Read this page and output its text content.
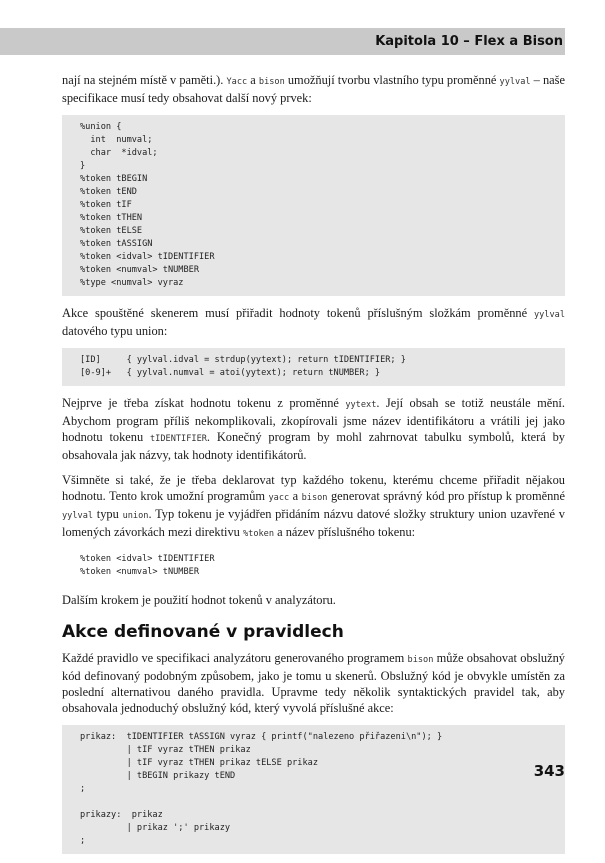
Kapitola 10 – Flex a Bison

nají na stejném místě v paměti.). Yacc a bison umožňují tvorbu vlastního typu proměnné yylval – naše specifikace musí tedy obsahovat další nový prvek:

%union {
int  numval;
char  *idval;
}
%token tBEGIN
%token tEND
%token tIF
%token tTHEN
%token tELSE
%token tASSIGN
%token <idval> tIDENTIFIER
%token <numval> tNUMBER
%type <numval> vyraz

Akce spouštěné skenerem musí přiřadit hodnoty tokenů příslušným složkám proměnné yylval datového typu union:

[ID]     { yylval.idval = strdup(yytext); return tIDENTIFIER; }
[0-9]+   { yylval.numval = atoi(yytext); return tNUMBER; }

Nejprve je třeba získat hodnotu tokenu z proměnné yytext. Její obsah se totiž neustále mění. Abychom program příliš nekomplikovali, zkopírovali jsme název identifikátoru a vrátili jej jako hodnotu tokenu tIDENTIFIER. Konečný program by mohl zahrnovat tabulku symbolů, která by obsahovala jak názvy, tak hodnoty identifikátorů.

Všimněte si také, že je třeba deklarovat typ každého tokenu, kterému chceme přiřadit nějakou hodnotu. Tento krok umožní programům yacc a bison generovat správný kód pro přístup k proměnné yylval typu union. Typ tokenu je vyjádřen přidáním názvu datové složky struktury union uzavřené v lomených závorkách mezi direktivu %token a název příslušného tokenu:

%token <idval> tIDENTIFIER
%token <numval> tNUMBER

Dalším krokem je použití hodnot tokenů v analyzátoru.

Akce definované v pravidlech

Každé pravidlo ve specifikaci analyzátoru generovaného programem bison může obsahovat obslužný kód definovaný podobným způsobem, jako je tomu u skenerů. Obslužný kód je obvykle umístěn za poslední alternativou daného pravidla. Upravme tedy několik syntaktických pravidel tak, aby obsahovala jednoduchý obslužný kód, který vyvolá příslušné akce:

prikaz:  tIDENTIFIER tASSIGN vyraz { printf("nalezeno přiřazeni\n"); }
| tIF vyraz tTHEN prikaz
| tIF vyraz tTHEN prikaz tELSE prikaz
| tBEGIN prikazy tEND
;
prikazy:  prikaz
| prikaz ';' prikazy
;
343
